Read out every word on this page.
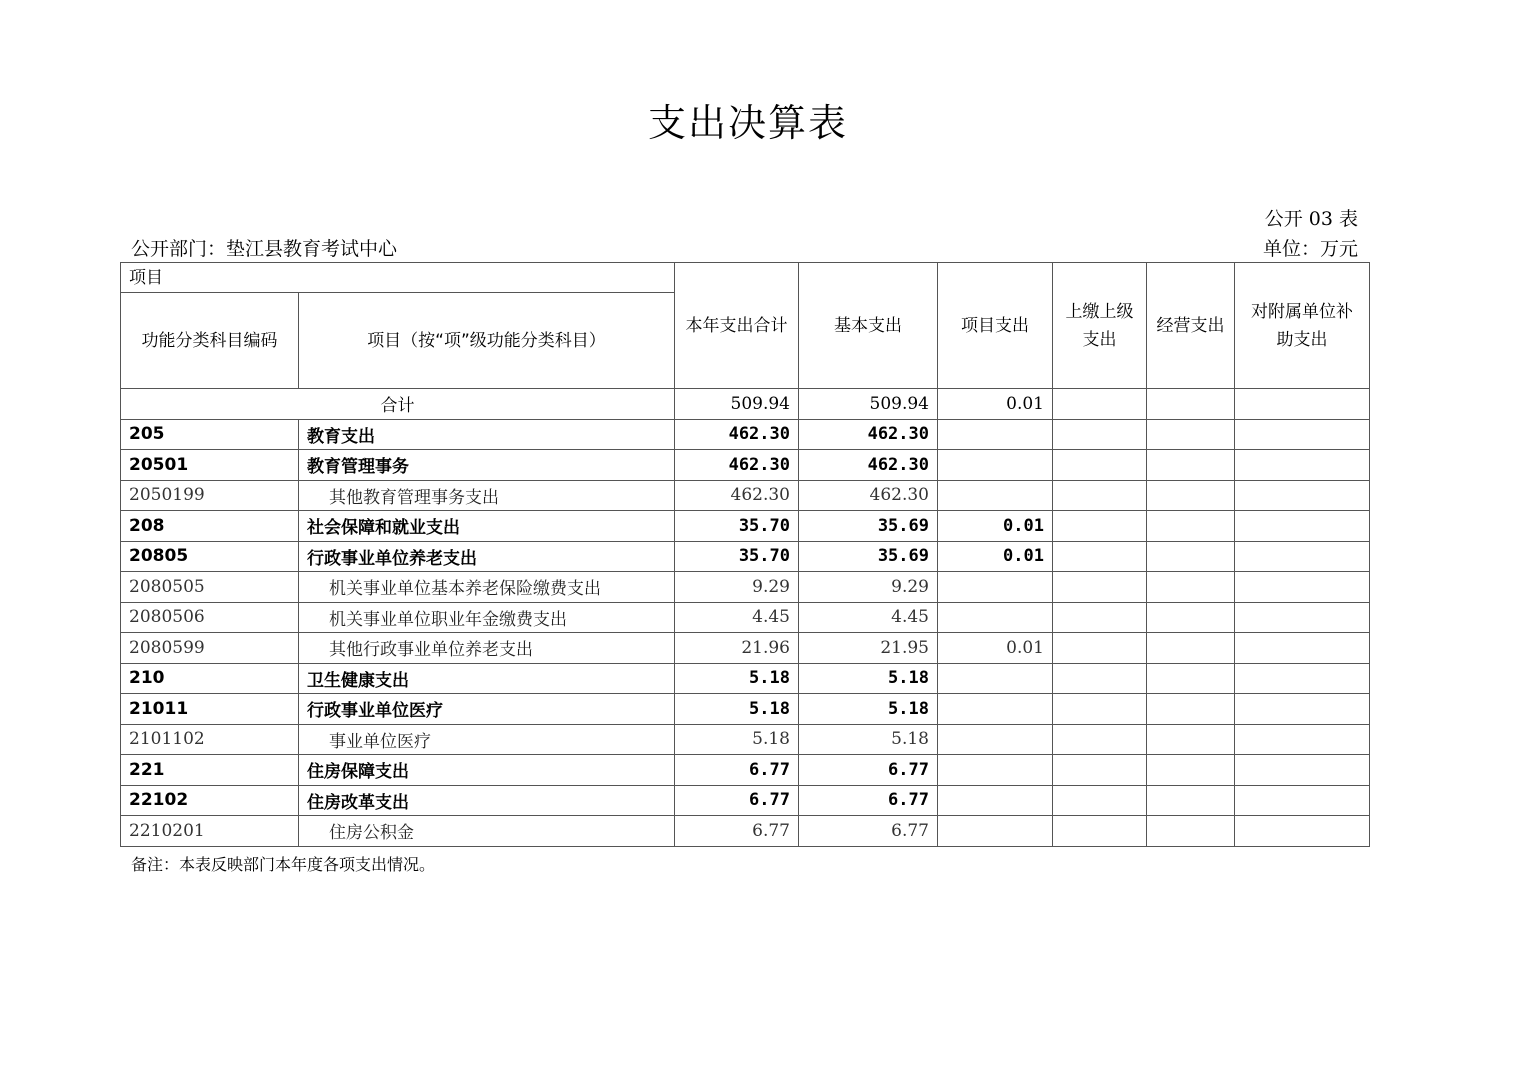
支出决算表
公开 03 表
公开部门：垫江县教育考试中心	单位：万元
项目		本年支出合计	基本支出	项目支出	上缴上级支出	经营支出	对附属单位补助支出
功能分类科目编码	项目（按“项”级功能分类科目）						
合计		509.94	509.94	0.01			
205	教育支出	462.30	462.30				
20501	教育管理事务	462.30	462.30				
2050199	其他教育管理事务支出	462.30	462.30				
208	社会保障和就业支出	35.70	35.69	0.01			
20805	行政事业单位养老支出	35.70	35.69	0.01			
2080505	机关事业单位基本养老保险缴费支出	9.29	9.29				
2080506	机关事业单位职业年金缴费支出	4.45	4.45				
2080599	其他行政事业单位养老支出	21.96	21.95	0.01			
210	卫生健康支出	5.18	5.18				
21011	行政事业单位医疗	5.18	5.18				
2101102	事业单位医疗	5.18	5.18				
221	住房保障支出	6.77	6.77				
22102	住房改革支出	6.77	6.77				
2210201	住房公积金	6.77	6.77				
备注：本表反映部门本年度各项支出情况。
